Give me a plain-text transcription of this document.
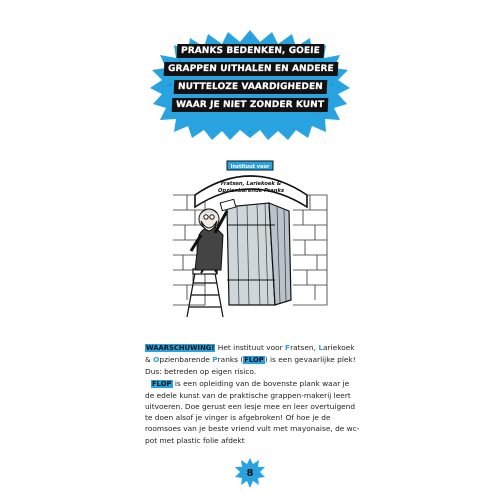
PRANKS BEDENKEN, GOEIE
GRAPPEN UITHALEN EN ANDERE
NUTTELOZE VAARDIGHEDEN
WAAR JE NIET ZONDER KUNT
Instituut voor
Fratsen, Lariekoek &
Opzienbarende Pranks

WAARSCHUWING! Het instituut voor Fratsen, Lariekoek & Opzienbarende Pranks (FLOP) is een gevaarlijke plek! Dus: betreden op eigen risico.

FLOP is een opleiding van de bovenste plank waar je de edele kunst van de praktische grappen-makerij leert uitvoeren. Doe gerust een lesje mee en leer overtuigend te doen alsof je vinger is afgebroken! Of hoe je de roomsoes van je beste vriend vult met mayonaise, de wc-pot met plastic folie afdekt

8
